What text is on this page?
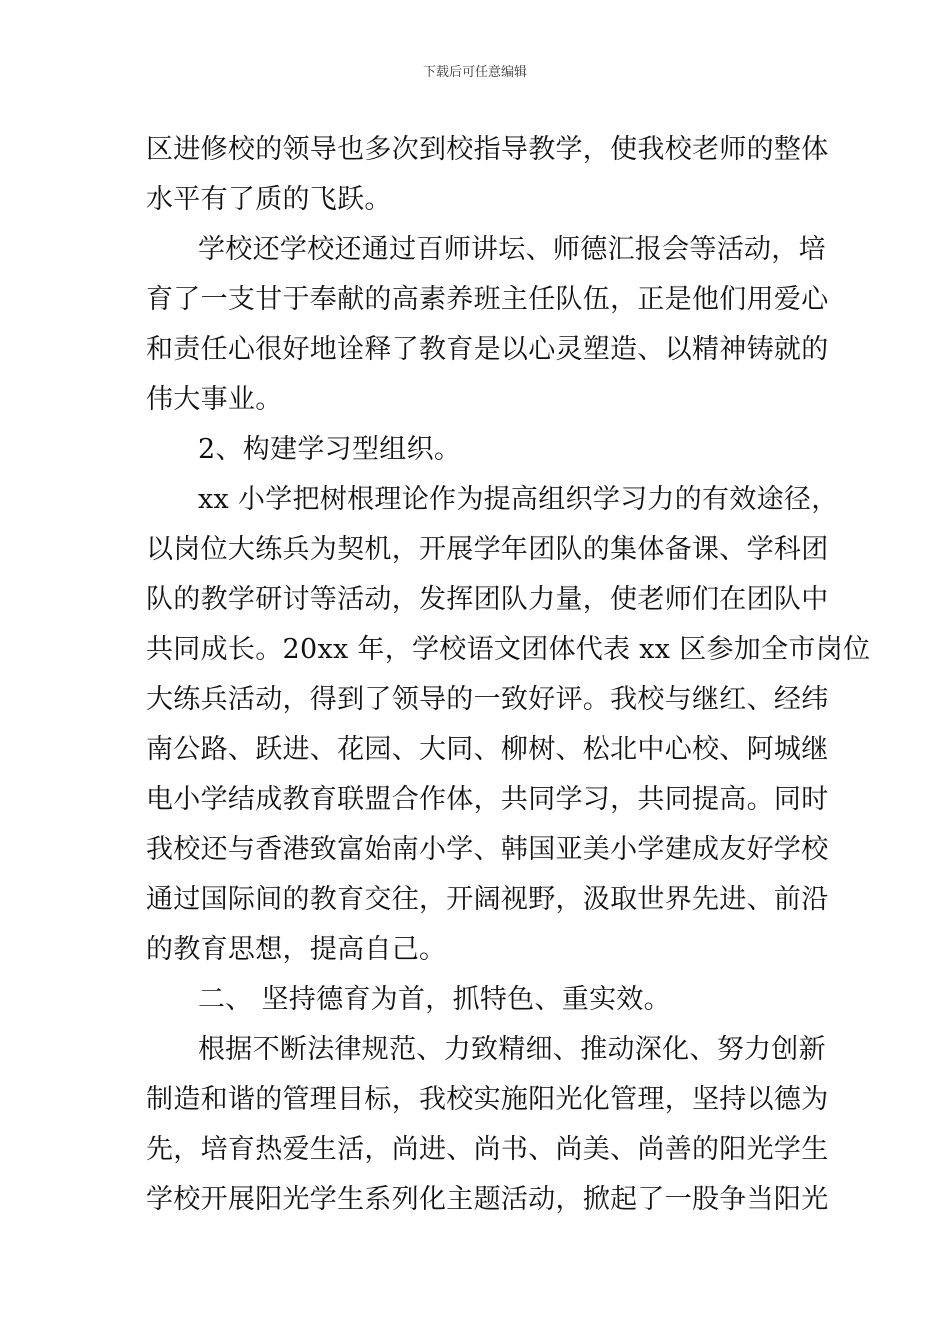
下载后可任意编辑
区进修校的领导也多次到校指导教学，使我校老师的整体
水平有了质的飞跃。
学校还学校还通过百师讲坛、师德汇报会等活动，培
育了一支甘于奉献的高素养班主任队伍，正是他们用爱心
和责任心很好地诠释了教育是以心灵塑造、以精神铸就的
伟大事业。
2、构建学习型组织。
xx 小学把树根理论作为提高组织学习力的有效途径，
以岗位大练兵为契机，开展学年团队的集体备课、学科团
队的教学研讨等活动，发挥团队力量，使老师们在团队中
共同成长。20xx 年，学校语文团体代表 xx 区参加全市岗位
大练兵活动，得到了领导的一致好评。我校与继红、经纬
南公路、跃进、花园、大同、柳树、松北中心校、阿城继
电小学结成教育联盟合作体，共同学习，共同提高。同时
我校还与香港致富始南小学、韩国亚美小学建成友好学校
通过国际间的教育交往，开阔视野，汲取世界先进、前沿
的教育思想，提高自己。
二、 坚持德育为首，抓特色、重实效。
根据不断法律规范、力致精细、推动深化、努力创新
制造和谐的管理目标，我校实施阳光化管理，坚持以德为
先，培育热爱生活，尚进、尚书、尚美、尚善的阳光学生
学校开展阳光学生系列化主题活动，掀起了一股争当阳光
